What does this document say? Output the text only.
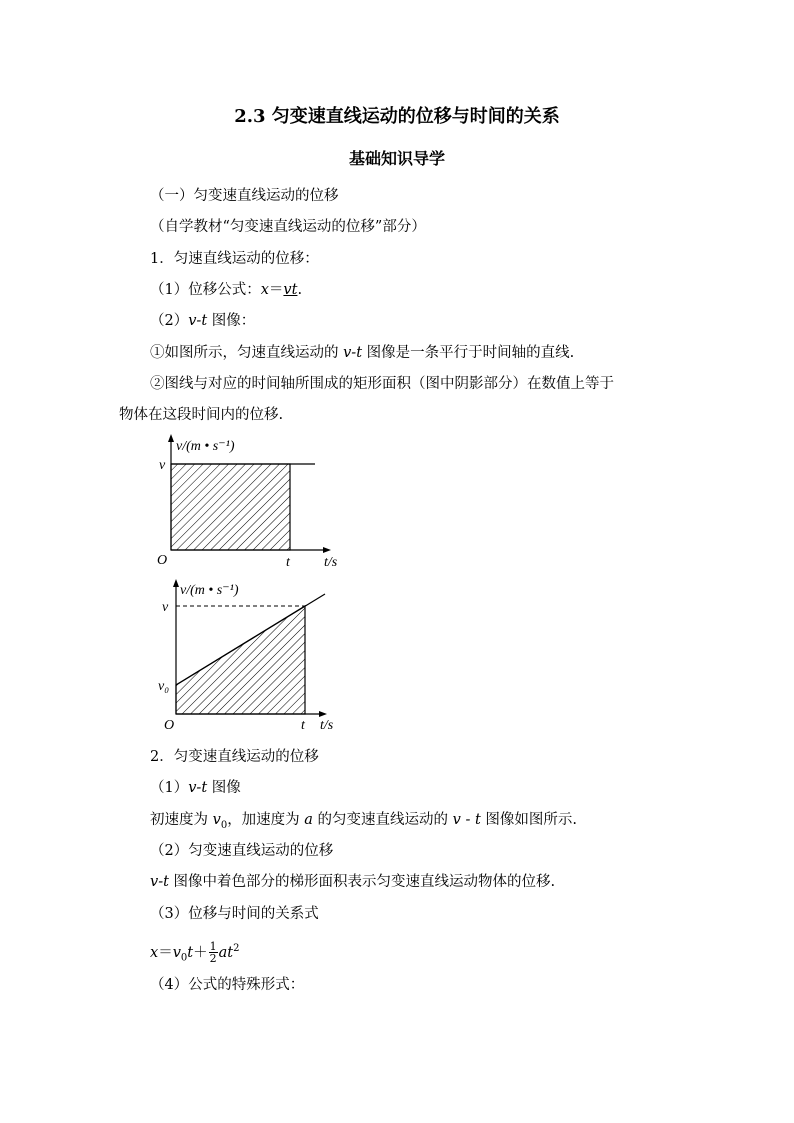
2.3 匀变速直线运动的位移与时间的关系
基础知识导学
（一）匀变速直线运动的位移
（自学教材“匀变速直线运动的位移”部分）
1．匀速直线运动的位移：
（1）位移公式：x＝vt.
（2）v-t 图像：
①如图所示，匀速直线运动的 v-t 图像是一条平行于时间轴的直线.
②图线与对应的时间轴所围成的矩形面积（图中阴影部分）在数值上等于
物体在这段时间内的位移.
v/(m • s⁻¹)
v
O	t t/s
v/(m • s⁻¹)
v
v₀
O	t t/s
2．匀变速直线运动的位移
（1）v-t 图像
初速度为 $v_0$，加速度为 a 的匀变速直线运动的 v - t 图像如图所示.
（2）匀变速直线运动的位移
v-t 图像中着色部分的梯形面积表示匀变速直线运动物体的位移.
（3）位移与时间的关系式
$x=v_0t+ \frac{1}{2} at^2$
（4）公式的特殊形式：
